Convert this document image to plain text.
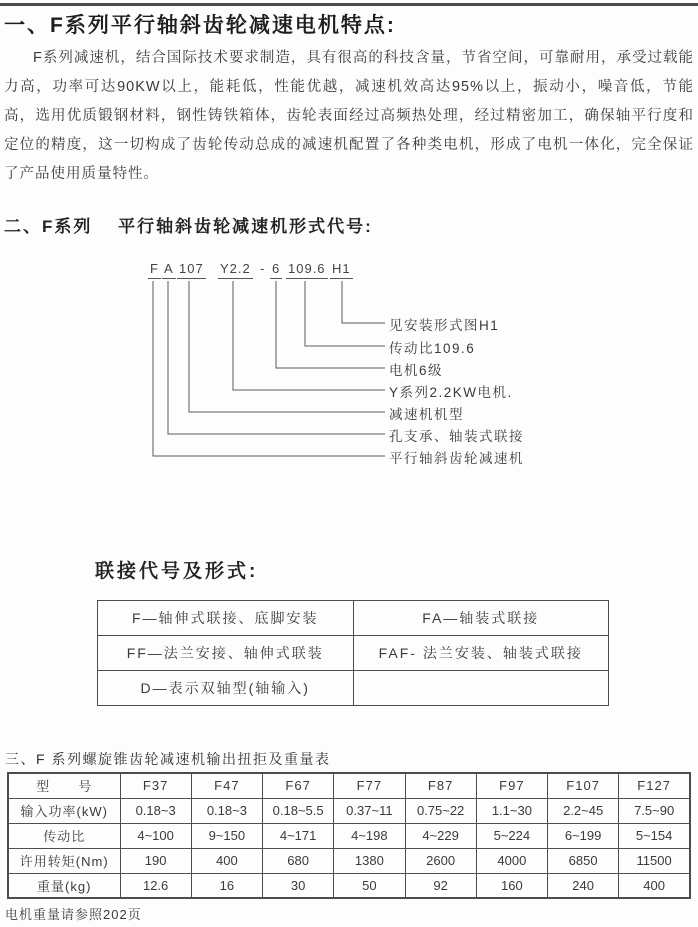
一、F系列平行轴斜齿轮减速电机特点:
F系列减速机，结合国际技术要求制造，具有很高的科技含量，节省空间，可靠耐用，承受过载能力高，功率可达90KW以上，能耗低，性能优越，减速机效高达95%以上，振动小，噪音低，节能高，选用优质锻钢材料，钢性铸铁箱体，齿轮表面经过高频热处理，经过精密加工，确保轴平行度和定位的精度，这一切构成了齿轮传动总成的减速机配置了各种类电机，形成了电机一体化，完全保证了产品使用质量特性。
二、F系列　 平行轴斜齿轮减速机形式代号:
F A 107 Y2.2 - 6 109.6 H1
见安装形式图H1
传动比109.6
电机6级
Y系列2.2KW电机.
减速机机型
孔支承、轴装式联接
平行轴斜齿轮减速机
联接代号及形式:
F—轴伸式联接、底脚安装	FA—轴装式联接
FF—法兰安接、轴伸式联装	FAF- 法兰安装、轴装式联接
D—表示双轴型(轴输入)	
三、F 系列螺旋锥齿轮减速机输出扭拒及重量表
型　　号	F37	F47	F67	F77	F87	F97	F107	F127
输入功率(kW)	0.18~3	0.18~3	0.18~5.5	0.37~11	0.75~22	1.1~30	2.2~45	7.5~90
传动比	4~100	9~150	4~171	4~198	4~229	5~224	6~199	5~154
许用转矩(Nm)	190	400	680	1380	2600	4000	6850	11500
重量(kg)	12.6	16	30	50	92	160	240	400
电机重量请参照202页
